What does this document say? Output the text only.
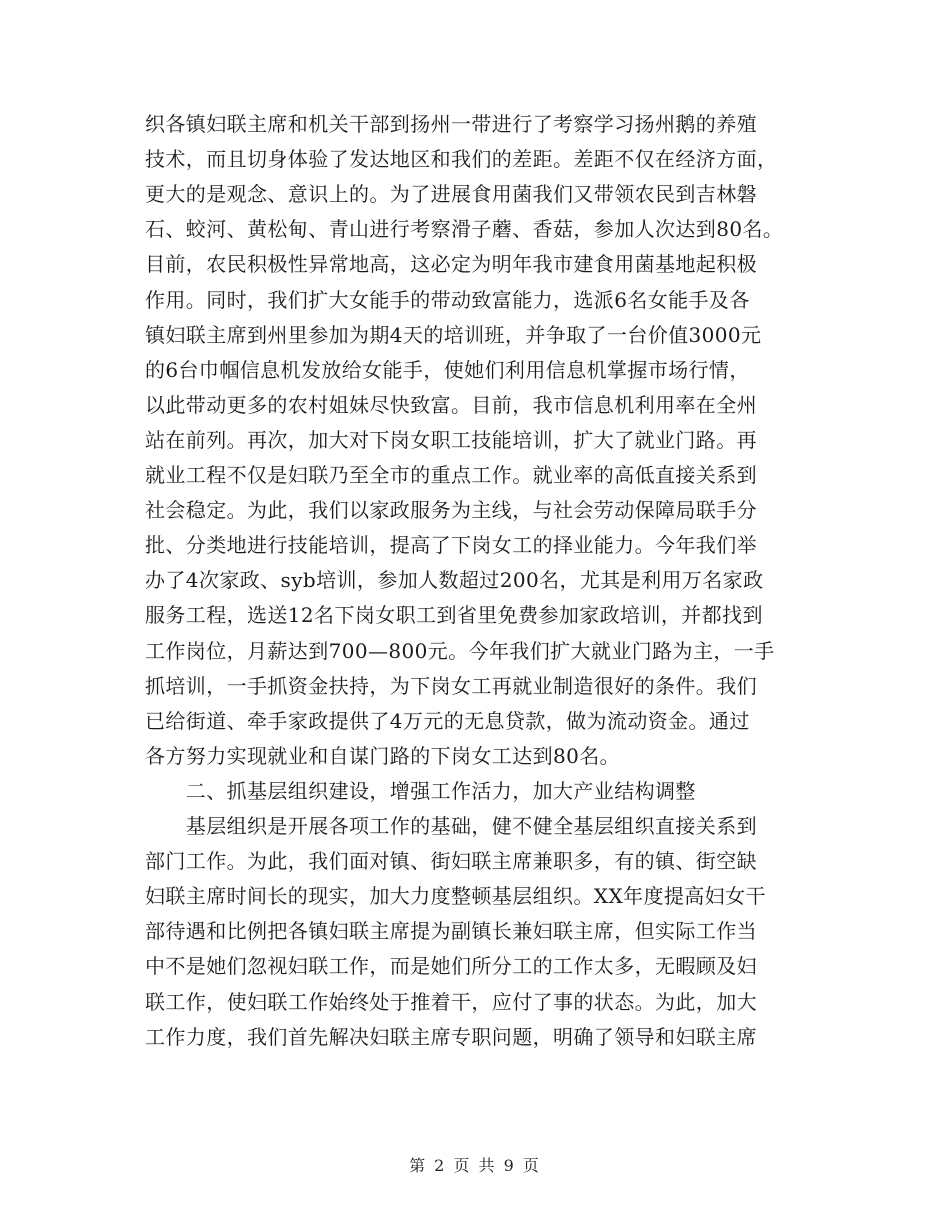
织各镇妇联主席和机关干部到扬州一带进行了考察学习扬州鹅的养殖
技术，而且切身体验了发达地区和我们的差距。差距不仅在经济方面，
更大的是观念、意识上的。为了进展食用菌我们又带领农民到吉林磐
石、蛟河、黄松甸、青山进行考察滑子蘑、香菇，参加人次达到80名。
目前，农民积极性异常地高，这必定为明年我市建食用菌基地起积极
作用。同时，我们扩大女能手的带动致富能力，选派6名女能手及各
镇妇联主席到州里参加为期4天的培训班，并争取了一台价值3000元
的6台巾帼信息机发放给女能手，使她们利用信息机掌握市场行情，
以此带动更多的农村姐妹尽快致富。目前，我市信息机利用率在全州
站在前列。再次，加大对下岗女职工技能培训，扩大了就业门路。再
就业工程不仅是妇联乃至全市的重点工作。就业率的高低直接关系到
社会稳定。为此，我们以家政服务为主线，与社会劳动保障局联手分
批、分类地进行技能培训，提高了下岗女工的择业能力。今年我们举
办了4次家政、syb培训，参加人数超过200名，尤其是利用万名家政
服务工程，选送12名下岗女职工到省里免费参加家政培训，并都找到
工作岗位，月薪达到700—800元。今年我们扩大就业门路为主，一手
抓培训，一手抓资金扶持，为下岗女工再就业制造很好的条件。我们
已给街道、牵手家政提供了4万元的无息贷款，做为流动资金。通过
各方努力实现就业和自谋门路的下岗女工达到80名。
　　二、抓基层组织建设，增强工作活力，加大产业结构调整
　　基层组织是开展各项工作的基础，健不健全基层组织直接关系到
部门工作。为此，我们面对镇、街妇联主席兼职多，有的镇、街空缺
妇联主席时间长的现实，加大力度整顿基层组织。XX年度提高妇女干
部待遇和比例把各镇妇联主席提为副镇长兼妇联主席，但实际工作当
中不是她们忽视妇联工作，而是她们所分工的工作太多，无暇顾及妇
联工作，使妇联工作始终处于推着干，应付了事的状态。为此，加大
工作力度，我们首先解决妇联主席专职问题，明确了领导和妇联主席
第 2 页 共 9 页
